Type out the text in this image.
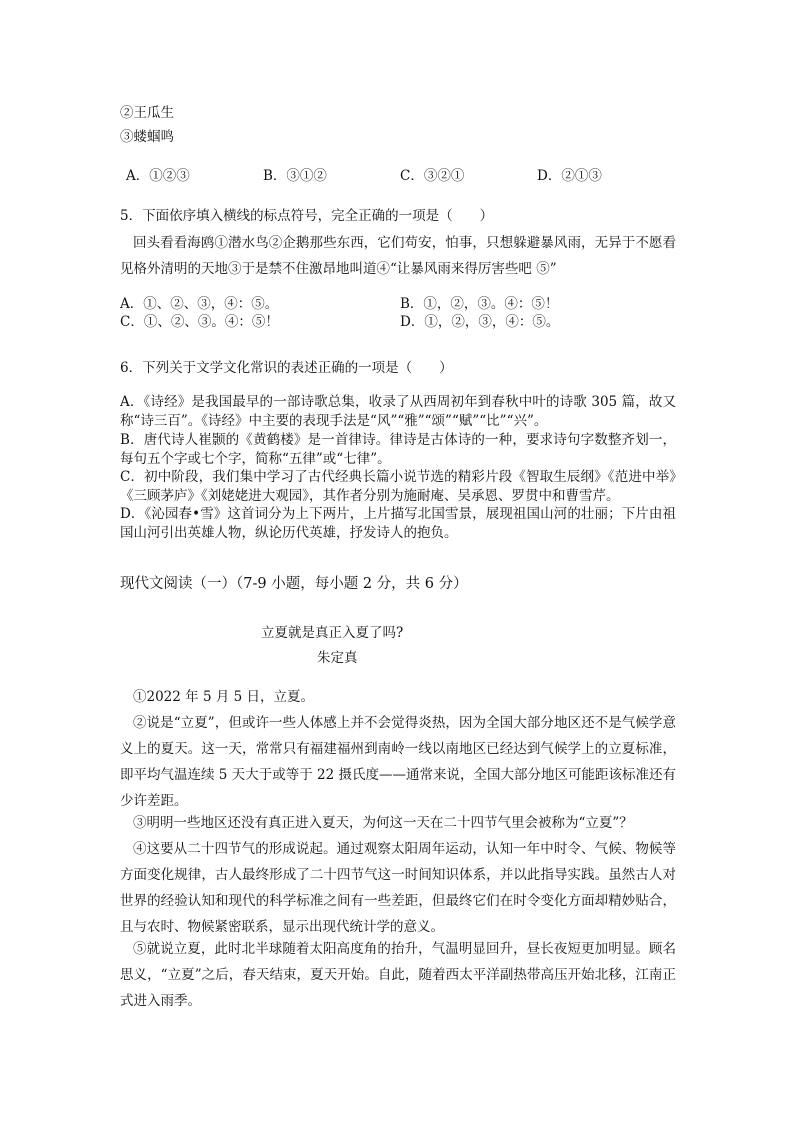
②王瓜生
③蝼蝈鸣
A．①②③	B．③①②	C．③②①	D．②①③
5．下面依序填入横线的标点符号，完全正确的一项是（　　）
回头看看海鸥①潜水鸟②企鹅那些东西，它们苟安，怕事，只想躲避暴风雨，无异于不愿看见格外清明的天地③于是禁不住激昂地叫道④“让暴风雨来得厉害些吧 ⑤”
A．①、②、③，④：⑤。	B．①，②，③。④：⑤！
C．①、②、③。④：⑤！	D．①，②，③，④：⑤。
6．下列关于文学文化常识的表述正确的一项是（　　）
A．《诗经》是我国最早的一部诗歌总集，收录了从西周初年到春秋中叶的诗歌 305 篇，故又称“诗三百”。《诗经》中主要的表现手法是“风”“雅”“颂”“赋”“比”“兴”。
B．唐代诗人崔颢的《黄鹤楼》是一首律诗。律诗是古体诗的一种，要求诗句字数整齐划一，每句五个字或七个字，简称“五律”或“七律”。
C．初中阶段，我们集中学习了古代经典长篇小说节选的精彩片段《智取生辰纲》《范进中举》《三顾茅庐》《刘姥姥进大观园》，其作者分别为施耐庵、吴承恩、罗贯中和曹雪芹。
D．《沁园春•雪》这首词分为上下两片，上片描写北国雪景，展现祖国山河的壮丽；下片由祖国山河引出英雄人物，纵论历代英雄，抒发诗人的抱负。
现代文阅读（一）（7-9 小题，每小题 2 分，共 6 分）
立夏就是真正入夏了吗?
朱定真
①2022 年 5 月 5 日，立夏。
②说是“立夏”，但或许一些人体感上并不会觉得炎热，因为全国大部分地区还不是气候学意义上的夏天。这一天，常常只有福建福州到南岭一线以南地区已经达到气候学上的立夏标准，即平均气温连续 5 天大于或等于 22 摄氏度——通常来说，全国大部分地区可能距该标准还有少许差距。
③明明一些地区还没有真正进入夏天，为何这一天在二十四节气里会被称为“立夏”？
④这要从二十四节气的形成说起。通过观察太阳周年运动，认知一年中时令、气候、物候等方面变化规律，古人最终形成了二十四节气这一时间知识体系，并以此指导实践。虽然古人对世界的经验认知和现代的科学标准之间有一些差距，但最终它们在时令变化方面却精妙贴合，且与农时、物候紧密联系，显示出现代统计学的意义。
⑤就说立夏，此时北半球随着太阳高度角的抬升，气温明显回升，昼长夜短更加明显。顾名思义，“立夏”之后，春天结束，夏天开始。自此，随着西太平洋副热带高压开始北移，江南正式进入雨季。
